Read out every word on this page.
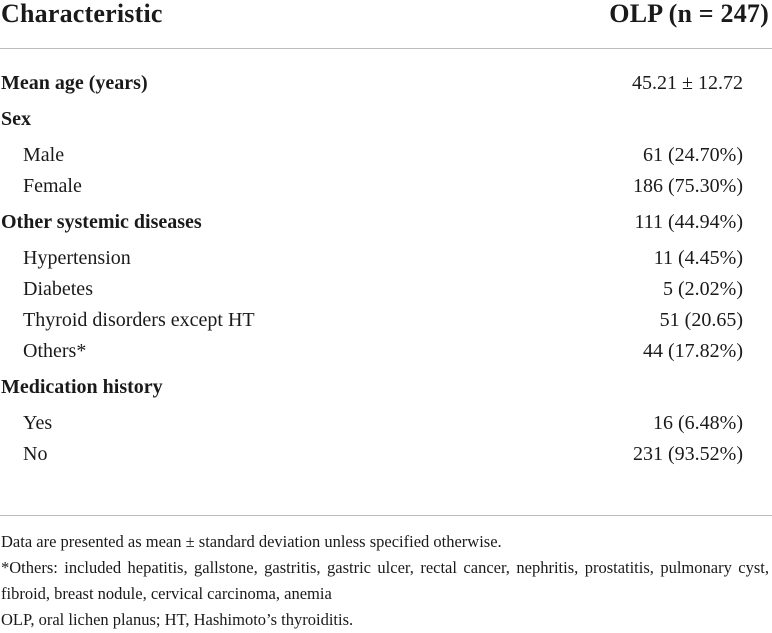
Characteristic	OLP (n = 247)
Mean age (years)	45.21 ± 12.72
Sex
Male	61 (24.70%)
Female	186 (75.30%)
Other systemic diseases	111 (44.94%)
Hypertension	11 (4.45%)
Diabetes	5 (2.02%)
Thyroid disorders except HT	51 (20.65)
Others*	44 (17.82%)
Medication history
Yes	16 (6.48%)
No	231 (93.52%)

Data are presented as mean ± standard deviation unless specified otherwise.

*Others: included hepatitis, gallstone, gastritis, gastric ulcer, rectal cancer, nephritis, prostatitis, pulmonary cyst, fibroid, breast nodule, cervical carcinoma, anemia

OLP, oral lichen planus; HT, Hashimoto’s thyroiditis.
